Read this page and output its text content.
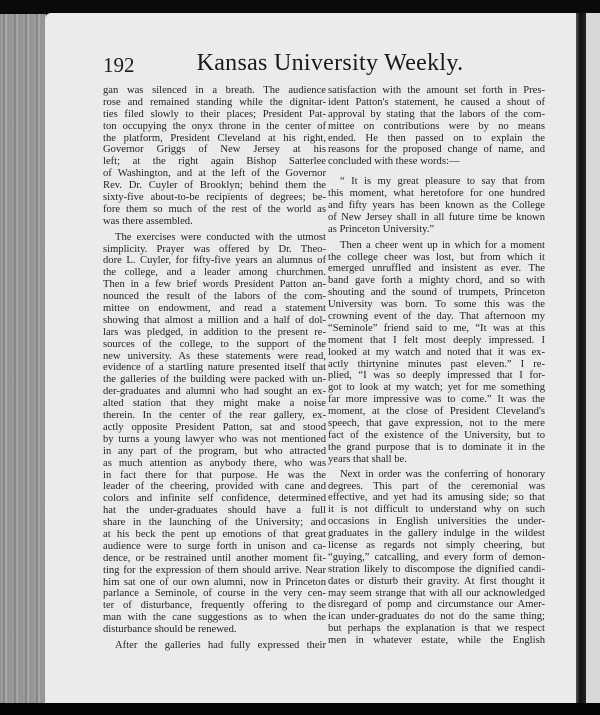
192	Kansas University Weekly.
gan was silenced in a breath. The audience
rose and remained standing while the dignitar-
ties filed slowly to their places; President Pat-
ton occupying the onyx throne in the center of
the platform, President Cleveland at his right,
Governor Griggs of New Jersey at his
left; at the right again Bishop Satterlee
of Washington, and at the left of the Governor
Rev. Dr. Cuyler of Brooklyn; behind them the
sixty-five about-to-be recipients of degrees; be-
fore them so much of the rest of the world as
was there assembled.
The exercises were conducted with the utmost
simplicity. Prayer was offered by Dr. Theo-
dore L. Cuyler, for fifty-five years an alumnus of
the college, and a leader among churchmen.
Then in a few brief words President Patton an-
nounced the result of the labors of the com-
mittee on endowment, and read a statement
showing that almost a million and a half of dol-
lars was pledged, in addition to the present re-
sources of the college, to the support of the
new university. As these statements were read,
evidence of a startling nature presented itself that
the galleries of the building were packed with un-
der-graduates and alumni who had sought an ex-
alted station that they might make a noise
therein. In the center of the rear gallery, ex-
actly opposite President Patton, sat and stood
by turns a young lawyer who was not mentioned
in any part of the program, but who attracted
as much attention as anybody there, who was
in fact there for that purpose. He was the
leader of the cheering, provided with cane and
colors and infinite self confidence, determined
hat the under-graduates should have a full
share in the launching of the University; and
at his beck the pent up emotions of that great
audience were to surge forth in unison and ca-
dence, or be restrained until another moment fit-
ting for the expression of them should arrive. Near
him sat one of our own alumni, now in Princeton
parlance a Seminole, of course in the very cen-
ter of disturbance, frequently offering to the
man with the cane suggestions as to when the
disturbance should be renewed.
After the galleries had fully expressed their
satisfaction with the amount set forth in Pres-
ident Patton's statement, he caused a shout of
approval by stating that the labors of the com-
mittee on contributions were by no means
ended. He then passed on to explain the
reasons for the proposed change of name, and
concluded with these words:—
“ It is my great pleasure to say that from
this moment, what heretofore for one hundred
and fifty years has been known as the College
of New Jersey shall in all future time be known
as Princeton University.”
Then a cheer went up in which for a moment
the college cheer was lost, but from which it
emerged unruffled and insistent as ever. The
band gave forth a mighty chord, and so with
shouting and the sound of trumpets, Princeton
University was born. To some this was the
crowning event of the day. That afternoon my
“Seminole” friend said to me, “It was at this
moment that I felt most deeply impressed. I
looked at my watch and noted that it was ex-
actly thirtynine minutes past eleven.” I re-
plied, “I was so deeply impressed that I for-
got to look at my watch; yet for me something
far more impressive was to come.” It was the
moment, at the close of President Cleveland's
speech, that gave expression, not to the mere
fact of the existence of the University, but to
the grand purpose that is to dominate it in the
years that shall be.
Next in order was the conferring of honorary
degrees. This part of the ceremonial was
effective, and yet had its amusing side; so that
it is not difficult to understand why on such
occasions in English universities the under-
graduates in the gallery indulge in the wildest
license as regards not simply cheering, but
“guying,” catcalling, and every form of demon-
stration likely to discompose the dignified candi-
dates or disturb their gravity. At first thought it
may seem strange that with all our acknowledged
disregard of pomp and circumstance our Amer-
ican under-graduates do not do the same thing;
but perhaps the explanation is that we respect
men in whatever estate, while the English
